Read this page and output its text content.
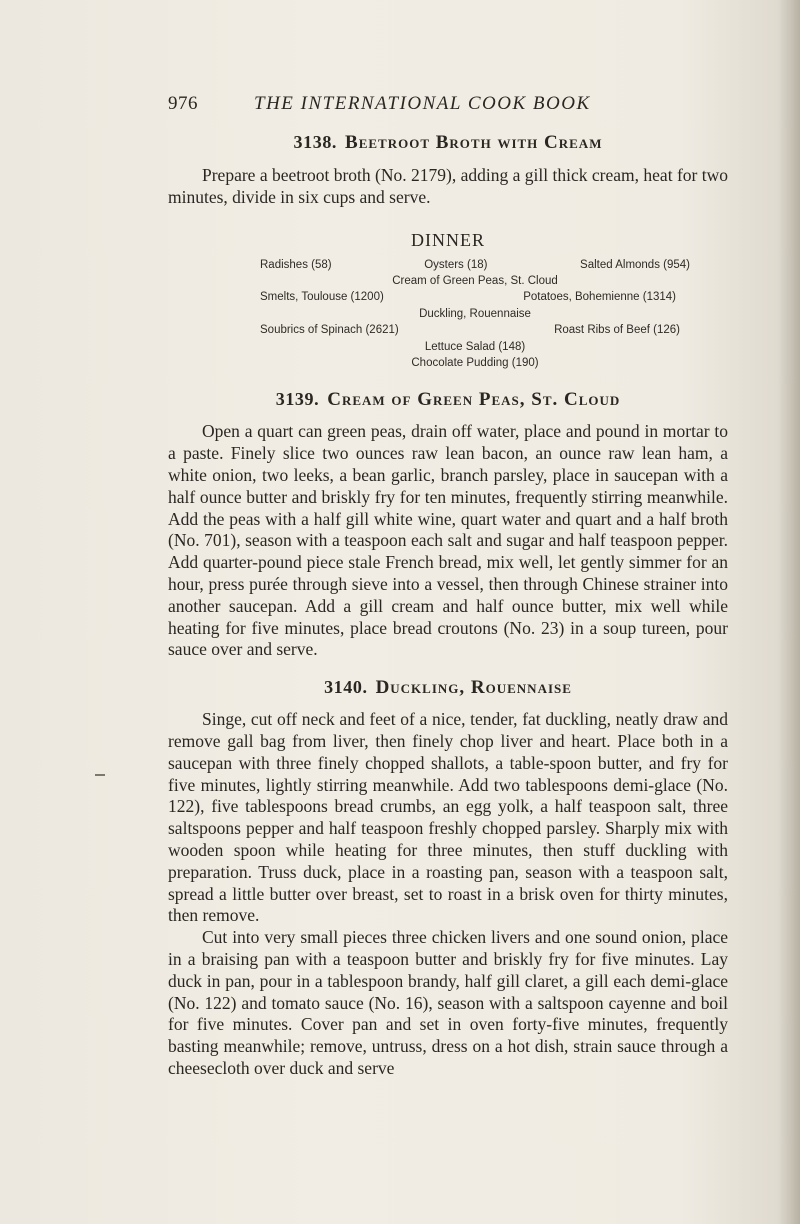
976	THE INTERNATIONAL COOK BOOK
3138. Beetroot Broth with Cream

Prepare a beetroot broth (No. 2179), adding a gill thick cream, heat for two minutes, divide in six cups and serve.

DINNER
Radishes (58)	Oysters (18)	Salted Almonds (954)
Cream of Green Peas, St. Cloud
Smelts, Toulouse (1200)	Potatoes, Bohemienne (1314)
Duckling, Rouennaise
Soubrics of Spinach (2621)	Roast Ribs of Beef (126)
Lettuce Salad (148)
Chocolate Pudding (190)
3139. Cream of Green Peas, St. Cloud

Open a quart can green peas, drain off water, place and pound in mortar to a paste. Finely slice two ounces raw lean bacon, an ounce raw lean ham, a white onion, two leeks, a bean garlic, branch parsley, place in saucepan with a half ounce butter and briskly fry for ten minutes, frequently stirring meanwhile. Add the peas with a half gill white wine, quart water and quart and a half broth (No. 701), season with a teaspoon each salt and sugar and half teaspoon pepper. Add quarter-pound piece stale French bread, mix well, let gently simmer for an hour, press purée through sieve into a vessel, then through Chinese strainer into another saucepan. Add a gill cream and half ounce butter, mix well while heating for five minutes, place bread croutons (No. 23) in a soup tureen, pour sauce over and serve.

3140. Duckling, Rouennaise

Singe, cut off neck and feet of a nice, tender, fat duckling, neatly draw and remove gall bag from liver, then finely chop liver and heart. Place both in a saucepan with three finely chopped shallots, a table-spoon butter, and fry for five minutes, lightly stirring meanwhile. Add two tablespoons demi-glace (No. 122), five tablespoons bread crumbs, an egg yolk, a half teaspoon salt, three saltspoons pepper and half teaspoon freshly chopped parsley. Sharply mix with wooden spoon while heating for three minutes, then stuff duckling with preparation. Truss duck, place in a roasting pan, season with a teaspoon salt, spread a little butter over breast, set to roast in a brisk oven for thirty minutes, then remove.

Cut into very small pieces three chicken livers and one sound onion, place in a braising pan with a teaspoon butter and briskly fry for five minutes. Lay duck in pan, pour in a tablespoon brandy, half gill claret, a gill each demi-glace (No. 122) and tomato sauce (No. 16), season with a saltspoon cayenne and boil for five minutes. Cover pan and set in oven forty-five minutes, frequently basting meanwhile; remove, untruss, dress on a hot dish, strain sauce through a cheesecloth over duck and serve
